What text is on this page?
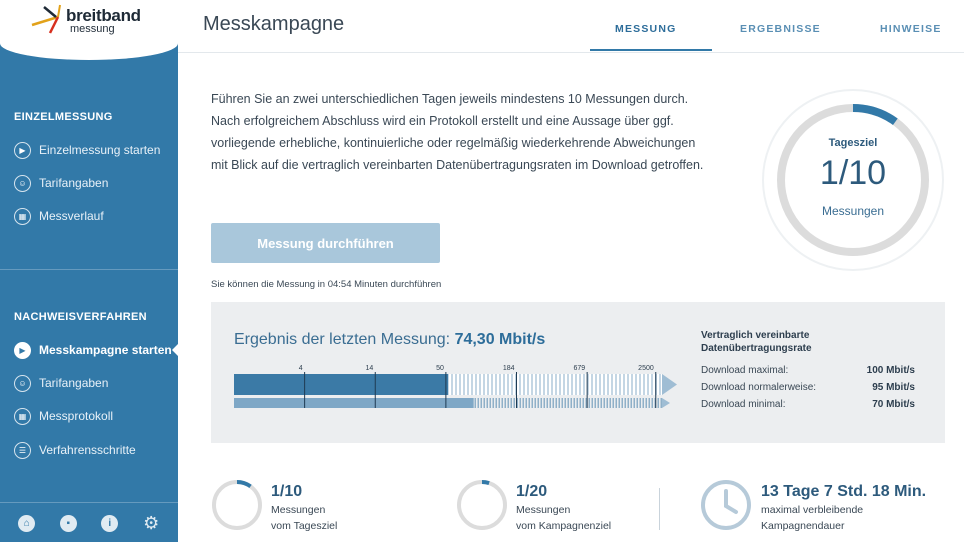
breitband
messung
EINZELMESSUNG
▶	Einzelmessung starten
☺	Tarifangaben
▦	Messverlauf
NACHWEISVERFAHREN
▶	Messkampagne starten
☺	Tarifangaben
▦	Messprotokoll
☰	Verfahrensschritte
⌂	▪	i	⚙
Messkampagne	MESSUNG	ERGEBNISSE	HINWEISE

Führen Sie an zwei unterschiedlichen Tagen jeweils mindestens 10 Messungen durch. Nach erfolgreichem Abschluss wird ein Protokoll erstellt und eine Aussage über ggf. vorliegende erhebliche, kontinuierliche oder regelmäßig wiederkehrende Abweichungen mit Blick auf die vertraglich vereinbarten Datenübertragungsraten im Download getroffen.

Messung durchführen
Sie können die Messung in 04:54 Minuten durchführen
Tagesziel
1/10
Messungen
Ergebnis der letzten Messung: 74,30 Mbit/s
4	14	50	184	679	2500
Vertraglich vereinbarte
Datenübertragungsrate
Download maximal:	100 Mbit/s
Download normalerweise:	95 Mbit/s
Download minimal:	70 Mbit/s
1/10
Messungen
vom Tagesziel
1/20
Messungen
vom Kampagnenziel
13 Tage 7 Std. 18 Min.
maximal verbleibende
Kampagnendauer
